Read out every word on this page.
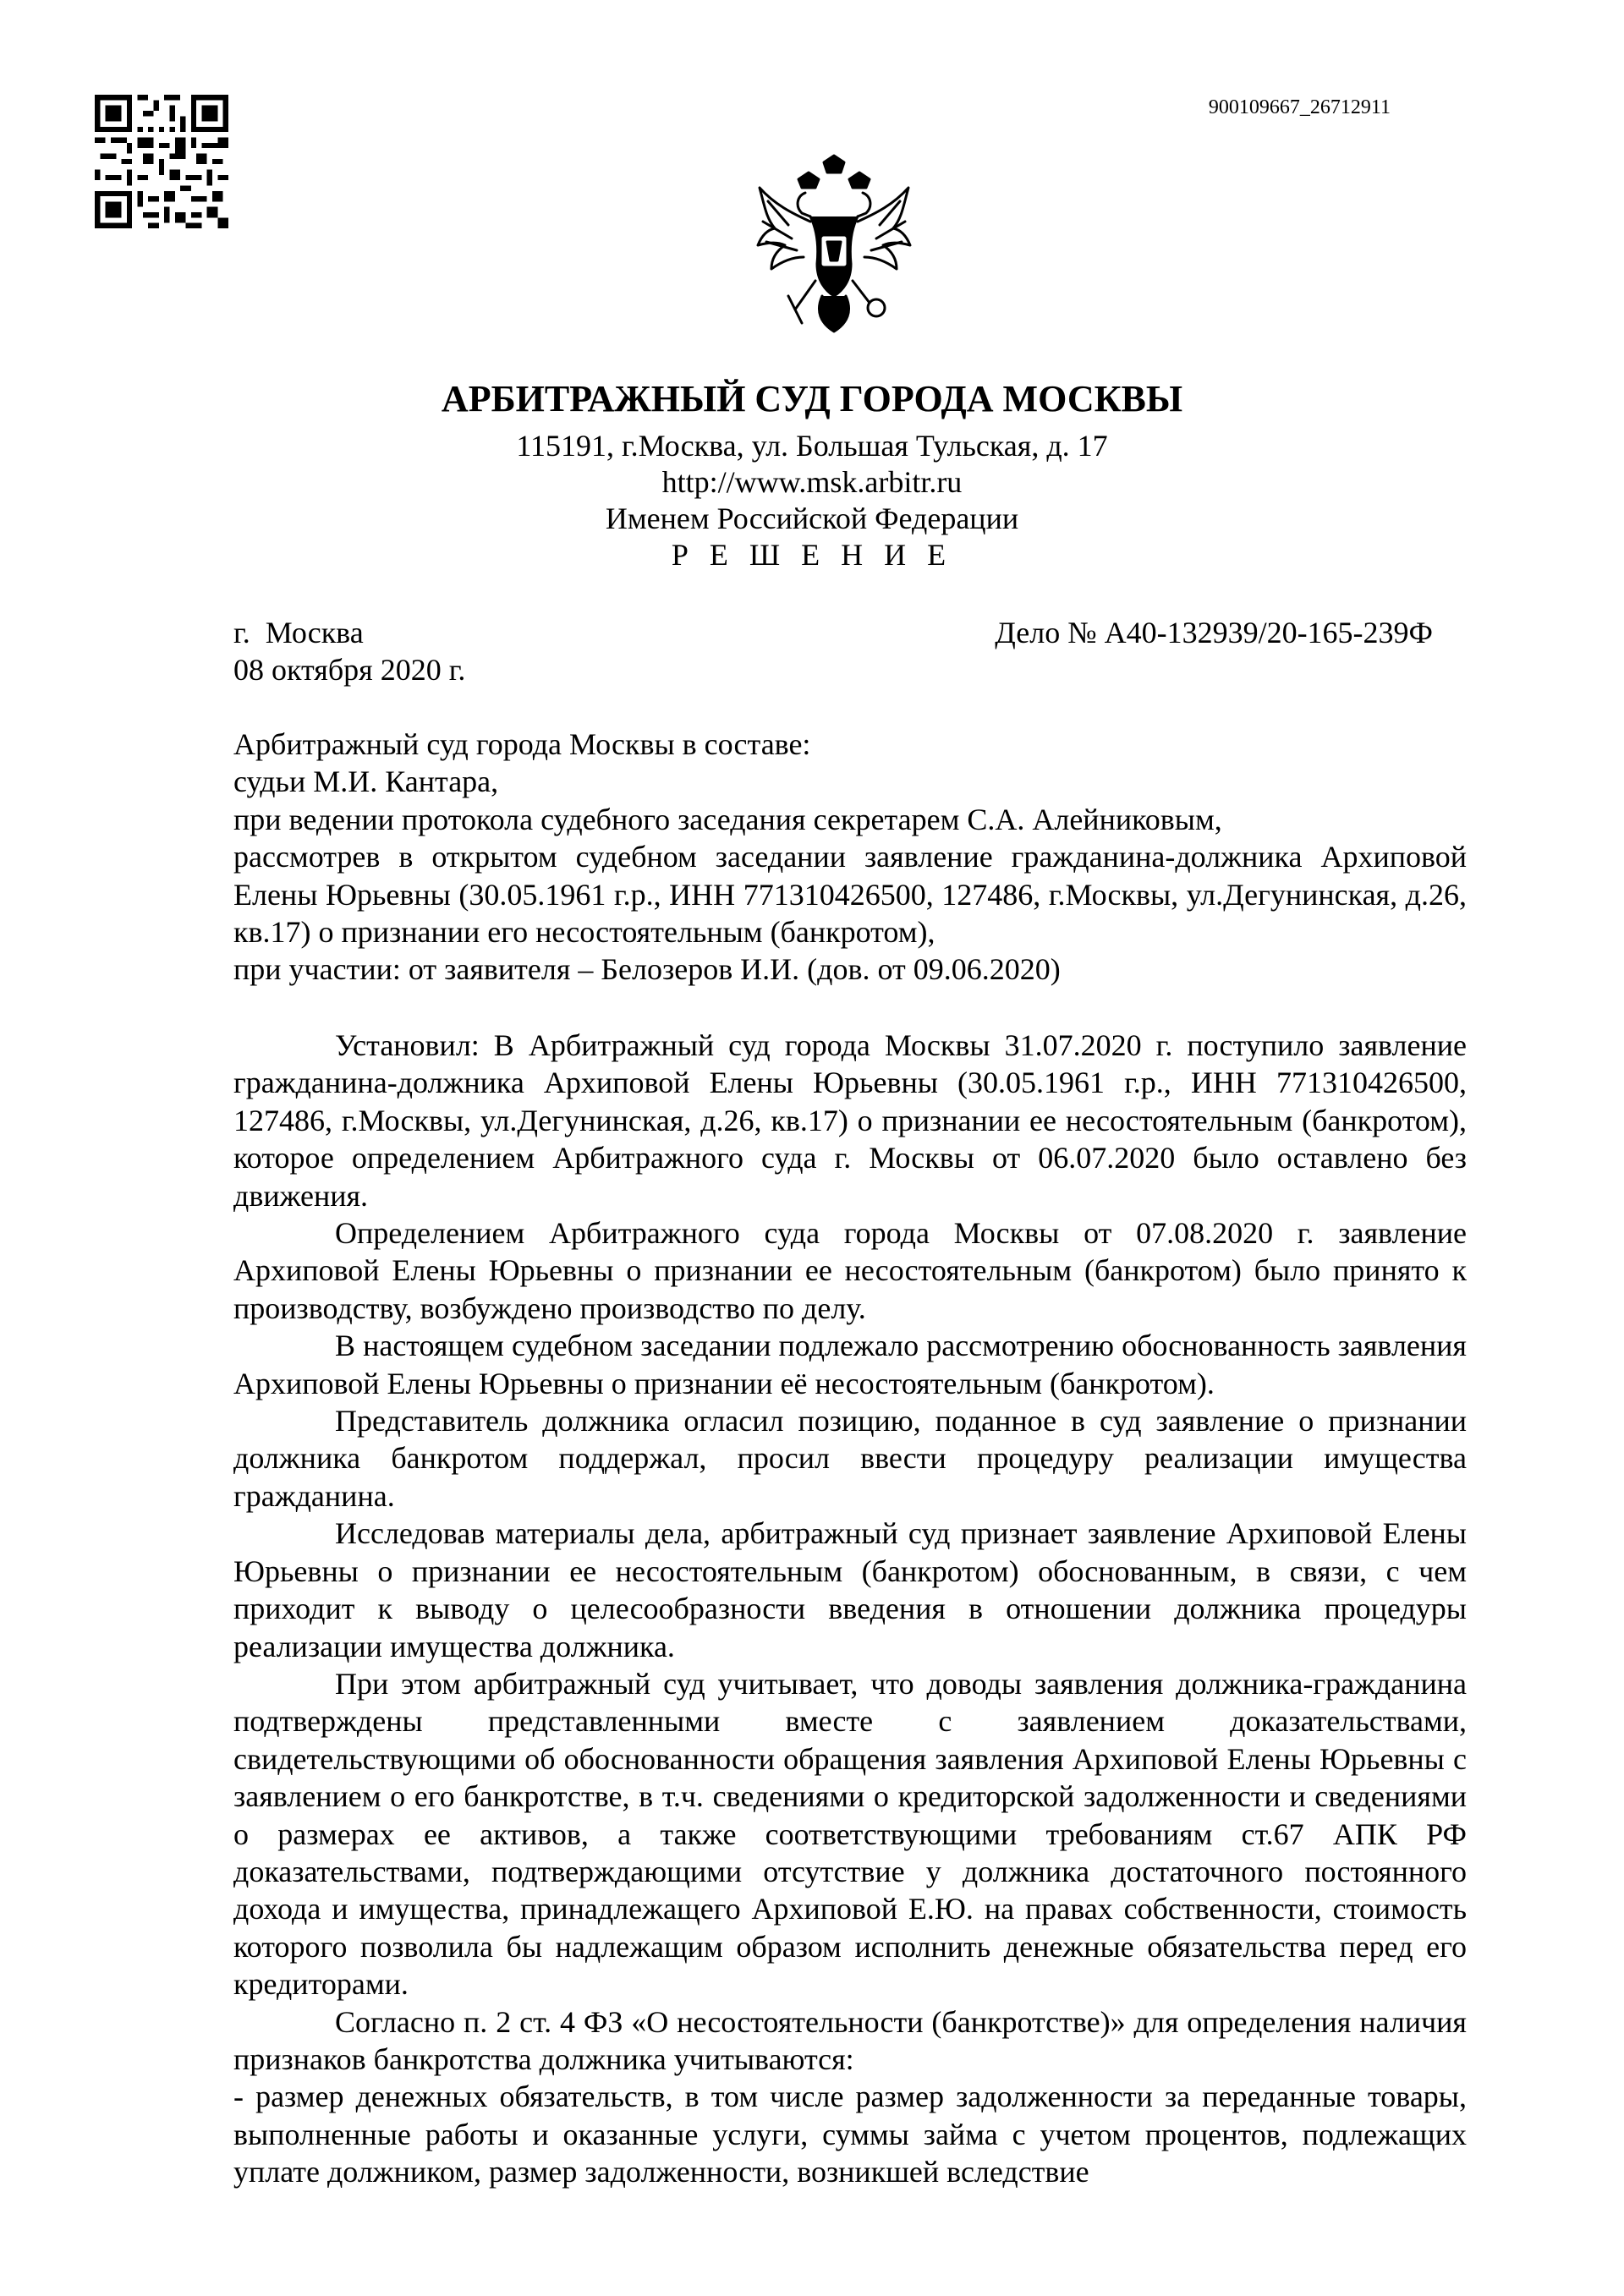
900109667_26712911
АРБИТРАЖНЫЙ СУД ГОРОДА МОСКВЫ
115191, г.Москва, ул. Большая Тульская, д. 17
http://www.msk.arbitr.ru
Именем Российской Федерации
Р Е Ш Е Н И Е
г.  Москва	Дело № А40-132939/20-165-239Ф
08 октября 2020 г.

Арбитражный суд города Москвы в составе:

судьи М.И. Кантара,

при ведении протокола судебного заседания секретарем С.А. Алейниковым,

рассмотрев в открытом судебном заседании заявление гражданина-должника Архиповой Елены Юрьевны (30.05.1961 г.р., ИНН 771310426500, 127486, г.Москвы, ул.Дегунинская, д.26, кв.17) о признании его несостоятельным (банкротом),

при участии: от заявителя – Белозеров И.И. (дов. от 09.06.2020)

Установил: В Арбитражный суд города Москвы 31.07.2020 г. поступило заявление гражданина-должника Архиповой Елены Юрьевны (30.05.1961 г.р., ИНН 771310426500, 127486, г.Москвы, ул.Дегунинская, д.26, кв.17) о признании ее несостоятельным (банкротом), которое определением Арбитражного суда г. Москвы от 06.07.2020 было оставлено без движения.

Определением Арбитражного суда города Москвы от 07.08.2020 г. заявление Архиповой Елены Юрьевны о признании ее несостоятельным (банкротом) было принято к производству, возбуждено производство по делу.

В настоящем судебном заседании подлежало рассмотрению обоснованность заявления Архиповой Елены Юрьевны о признании её несостоятельным (банкротом).

Представитель должника огласил позицию, поданное в суд заявление о признании должника банкротом поддержал, просил ввести процедуру реализации имущества гражданина.

Исследовав материалы дела, арбитражный суд признает заявление Архиповой Елены Юрьевны о признании ее несостоятельным (банкротом) обоснованным, в связи, с чем приходит к выводу о целесообразности введения в отношении должника процедуры реализации имущества должника.

При этом арбитражный суд учитывает, что доводы заявления должника-гражданина подтверждены представленными вместе с заявлением доказательствами, свидетельствующими об обоснованности обращения заявления Архиповой Елены Юрьевны с заявлением о его банкротстве, в т.ч. сведениями о кредиторской задолженности и сведениями о размерах ее активов, а также соответствующими требованиям ст.67 АПК РФ доказательствами, подтверждающими отсутствие у должника достаточного постоянного дохода и имущества, принадлежащего Архиповой Е.Ю. на правах собственности, стоимость которого позволила бы надлежащим образом исполнить денежные обязательства перед его кредиторами.

Согласно п. 2 ст. 4 ФЗ «О несостоятельности (банкротстве)» для определения наличия признаков банкротства должника учитываются:

- размер денежных обязательств, в том числе размер задолженности за переданные товары, выполненные работы и оказанные услуги, суммы займа с учетом процентов, подлежащих уплате должником, размер задолженности, возникшей вследствие
